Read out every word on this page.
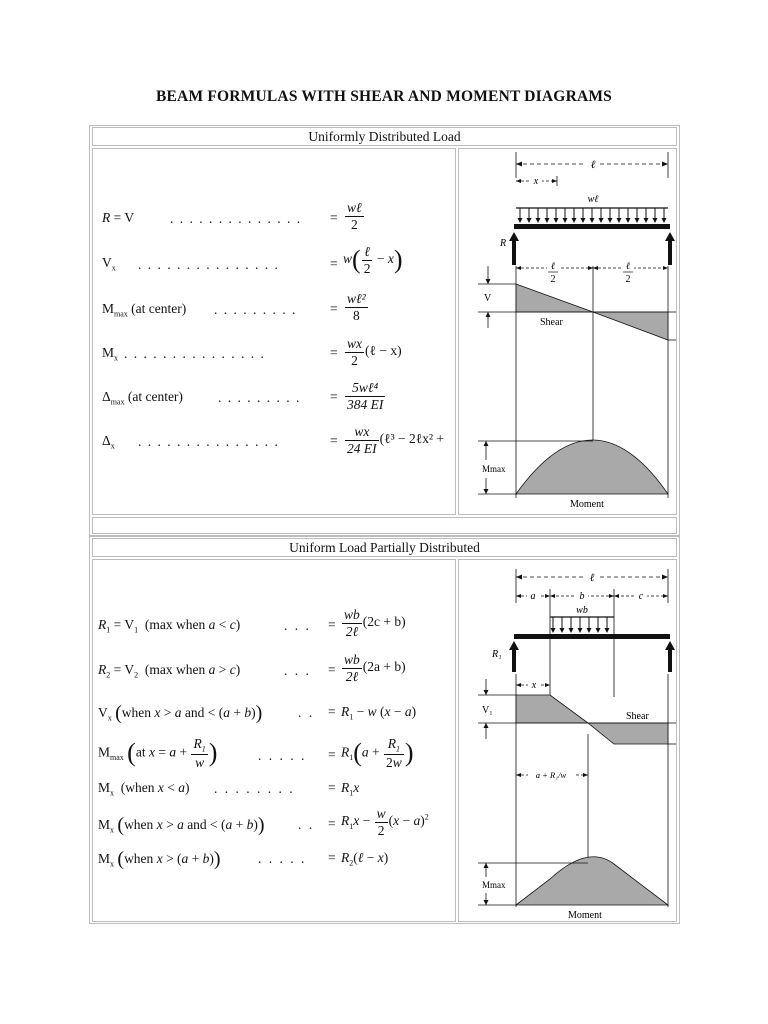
BEAM FORMULAS WITH SHEAR AND MOMENT DIAGRAMS
Uniformly Distributed Load
R = V	. . . . . . . . . . . . . . = $\frac{\text{wℓ}}{2}$
$V_x$ . . . . . . . . . . . . . . .	= $w( \frac{\text{ℓ}}{2} - x)$
$M_{max}$ (at center) . . . . . . . . . = $\frac{\text{wℓ²}}{8}$
$M_x$ . . . . . . . . . . . . . . .	= $\frac{wx}{2}$ (ℓ − x)
$\Delta_{max}$ (at center)	. . . . . . . . . = $\frac{\text{5wℓ⁴}}{384 EI}$
$\Delta_x$ . . . . . . . . . . . . . . .	= $\frac{wx}{24 EI}$ (ℓ³ − 2ℓx² +
ℓ
x
wℓ
R
ℓ
2
ℓ
2
V
Shear
Mmax
Moment
Uniform Load Partially Distributed
$R_1 = V_1$  (max when a < c)	. . . = $\frac{wb}{\text{2ℓ}} (2c + b)$
$R_2 = V_2$  (max when a > c)	. . . = $\frac{wb}{\text{2ℓ}} (2a + b)$
$V_x$ (when x > a and < (a + b))	. . = $R_1 - w$ (x − a)
$M_{max}$ (at $x = a + \frac{R_1}{w}$ )	. . . . . = $R_1(a + \frac{R_1}{2w}$ )
$M_x$  (when x < a) . . . . . . . . = $R_1x$
$M_x$ (when x > a and < (a + b)) . . = $R_1x - \frac{w}{2} (x - a)^2$
$M_x$ (when x > (a + b))	. . . . . = $R_2(\ell - x)$
ℓ
a	b	c
wb
R₁
x
V₁
Shear
a + R₁/w
Mmax
Moment
